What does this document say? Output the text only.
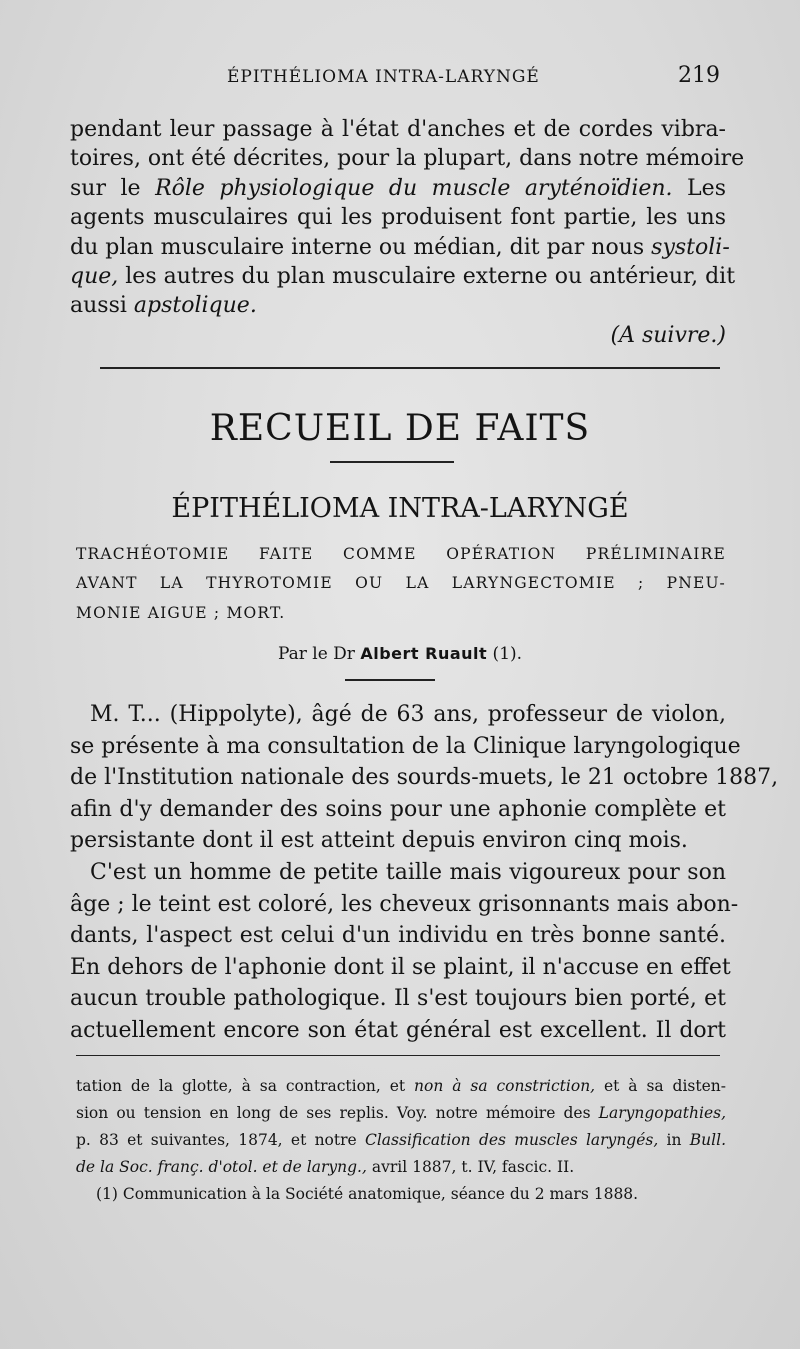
ÉPITHÉLIOMA INTRA-LARYNGÉ	219
pendant leur passage à l'état d'anches et de cordes vibra-
toires, ont été décrites, pour la plupart, dans notre mémoire
sur le Rôle physiologique du muscle aryténoïdien. Les
agents musculaires qui les produisent font partie, les uns
du plan musculaire interne ou médian, dit par nous systoli-
que, les autres du plan musculaire externe ou antérieur, dit
aussi apstolique.
(A suivre.)
RECUEIL DE FAITS
ÉPITHÉLIOMA INTRA-LARYNGÉ
TRACHÉOTOMIE FAITE COMME OPÉRATION PRÉLIMINAIRE
AVANT LA THYROTOMIE OU LA LARYNGECTOMIE ; PNEU-
MONIE AIGUE ; MORT.
Par le Dr Albert Ruault (1).
M. T... (Hippolyte), âgé de 63 ans, professeur de violon,
se présente à ma consultation de la Clinique laryngologique
de l'Institution nationale des sourds-muets, le 21 octobre 1887,
afin d'y demander des soins pour une aphonie complète et
persistante dont il est atteint depuis environ cinq mois.
C'est un homme de petite taille mais vigoureux pour son
âge ; le teint est coloré, les cheveux grisonnants mais abon-
dants, l'aspect est celui d'un individu en très bonne santé.
En dehors de l'aphonie dont il se plaint, il n'accuse en effet
aucun trouble pathologique. Il s'est toujours bien porté, et
actuellement encore son état général est excellent. Il dort
tation de la glotte, à sa contraction, et non à sa constriction, et à sa disten-
sion ou tension en long de ses replis. Voy. notre mémoire des Laryngopathies,
p. 83 et suivantes, 1874, et notre Classification des muscles laryngés, in Bull.
de la Soc. franç. d'otol. et de laryng., avril 1887, t. IV, fascic. II.
(1) Communication à la Société anatomique, séance du 2 mars 1888.
